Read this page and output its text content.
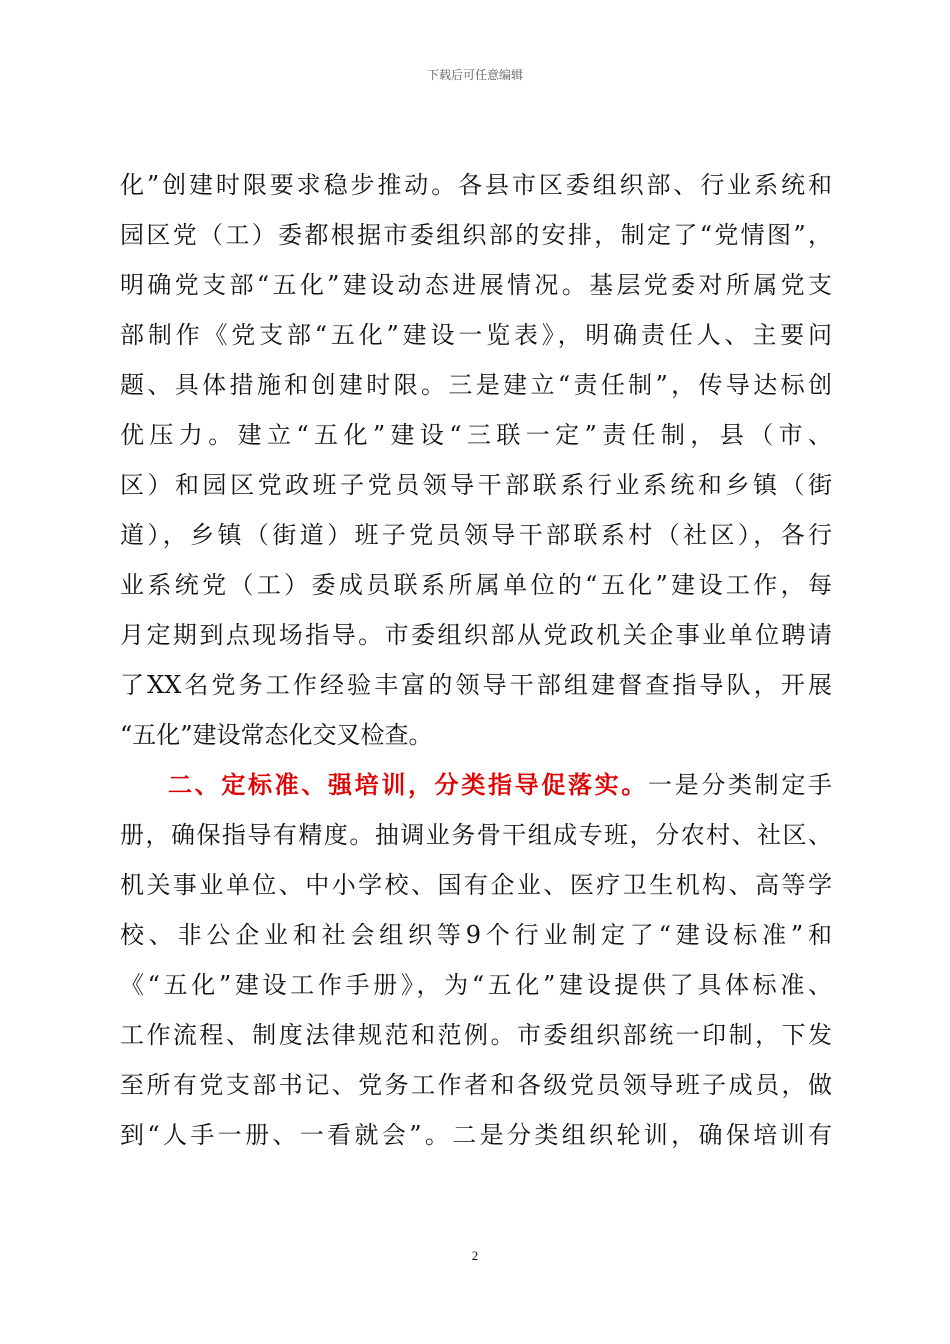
下载后可任意编辑
化”创建时限要求稳步推动。各县市区委组织部、行业系统和
园区党（工）委都根据市委组织部的安排，制定了“党情图”，
明确党支部“五化”建设动态进展情况。基层党委对所属党支
部制作《党支部“五化”建设一览表》，明确责任人、主要问
题、具体措施和创建时限。三是建立“责任制”，传导达标创
优压力。建立“五化”建设“三联一定”责任制，县（市、
区）和园区党政班子党员领导干部联系行业系统和乡镇（街
道），乡镇（街道）班子党员领导干部联系村（社区），各行
业系统党（工）委成员联系所属单位的“五化”建设工作，每
月定期到点现场指导。市委组织部从党政机关企事业单位聘请
了XX名党务工作经验丰富的领导干部组建督查指导队，开展
“五化”建设常态化交叉检查。
二、定标准、强培训，分类指导促落实。一是分类制定手
册，确保指导有精度。抽调业务骨干组成专班，分农村、社区、
机关事业单位、中小学校、国有企业、医疗卫生机构、高等学
校、非公企业和社会组织等9个行业制定了“建设标准”和
《“五化”建设工作手册》，为“五化”建设提供了具体标准、
工作流程、制度法律规范和范例。市委组织部统一印制，下发
至所有党支部书记、党务工作者和各级党员领导班子成员，做
到“人手一册、一看就会”。二是分类组织轮训，确保培训有
2
